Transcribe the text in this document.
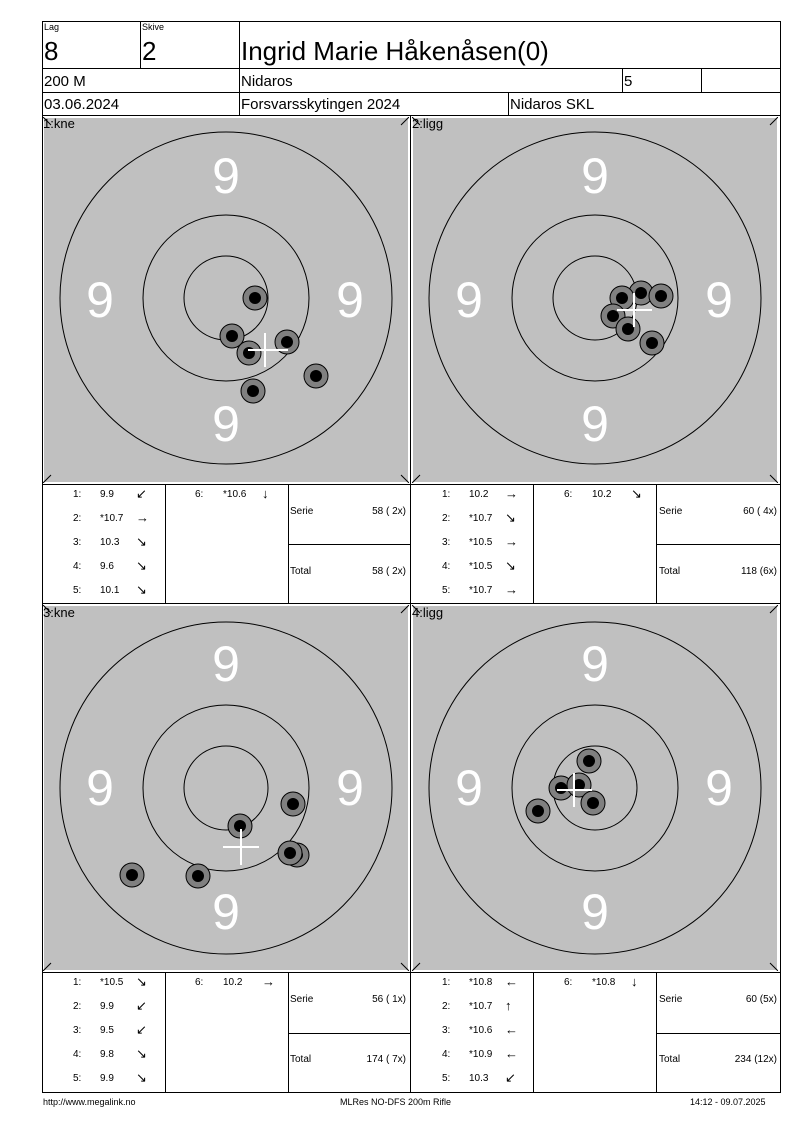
Lag
8
Skive
2	Ingrid Marie Håkenåsen(0)
200 M	Nidaros	5
03.06.2024	Forsvarsskytingen 2024	Nidaros SKL
9
9
9	9
9
9
9	9
9
9
9	9
9
9
9	9
1:kne	2:ligg
3:kne	4:ligg
1: 9.9 ↙
2: *10.7 →
3: 10.3 ↘
4: 9.6 ↘
5: 10.1 ↘
6: *10.6 ↓
Serie	58 ( 2x)
Total	58 ( 2x)
1: 10.2 →
2: *10.7 ↘
3: *10.5 →
4: *10.5 ↘
5: *10.7 →
6: 10.2 ↘
Serie	60 ( 4x)
Total	118 (6x)
1: *10.5 ↘
2: 9.9 ↙
3: 9.5 ↙
4: 9.8 ↘
5: 9.9 ↘
6: 10.2 →
Serie	56 ( 1x)
Total	174 ( 7x)
1: *10.8 ←
2: *10.7 ↑
3: *10.6 ←
4: *10.9 ←
5: 10.3 ↙
6: *10.8 ↓
Serie	60 (5x)
Total	234 (12x)
http://www.megalink.no	MLRes NO-DFS 200m Rifle	14:12 - 09.07.2025
